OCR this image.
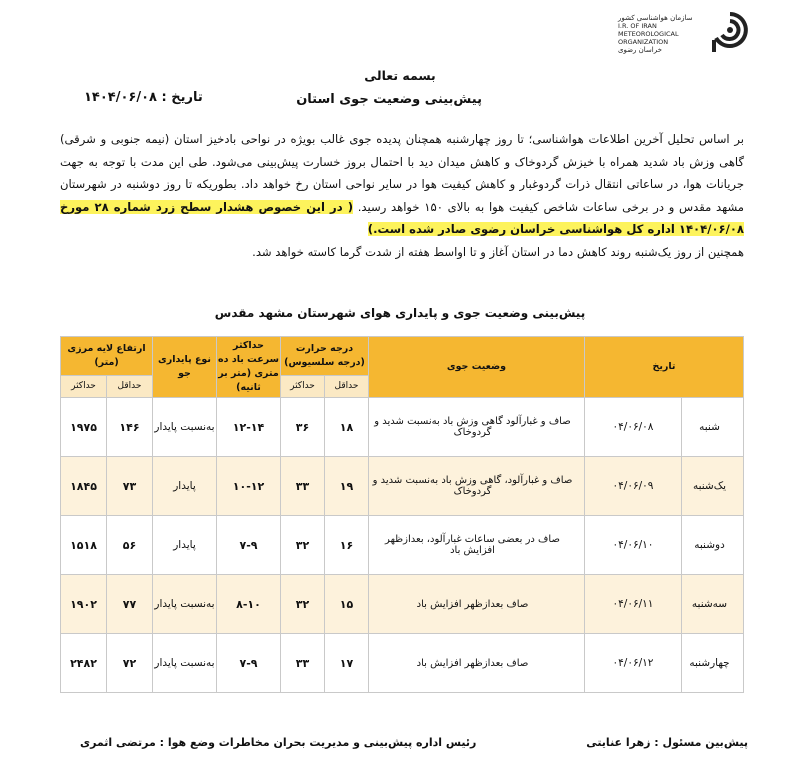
سازمان هواشناسی کشور
I.R. OF IRAN
METEOROLOGICAL
ORGANIZATION
خراسان رضوی
بسمه تعالی
پیش‌بینی وضعیت جوی استان
تاریخ : ۱۴۰۴/۰۶/۰۸

بر اساس تحلیل آخرین اطلاعات هواشناسی؛ تا روز چهارشنبه همچنان پدیده جوی غالب بویژه در نواحی بادخیز استان (نیمه جنوبی و شرقی) گاهی وزش باد شدید همراه با خیزش گردوخاک و کاهش میدان دید با احتمال بروز خسارت پیش‌بینی می‌شود. طی این مدت با توجه به جهت جریانات هوا، در ساعاتی انتقال ذرات گردوغبار و کاهش کیفیت هوا در سایر نواحی استان رخ خواهد داد. بطوریکه تا روز دوشنبه در شهرستان مشهد مقدس و در برخی ساعات شاخص کیفیت هوا به بالای ۱۵۰ خواهد رسید. ( در این خصوص هشدار سطح زرد شماره ۲۸ مورخ ۱۴۰۴/۰۶/۰۸ اداره کل هواشناسی خراسان رضوی صادر شده است.)

همچنین از روز یک‌شنبه روند کاهش دما در استان آغاز و تا اواسط هفته از شدت گرما کاسته خواهد شد.

پیش‌بینی وضعیت جوی و پایداری هوای شهرستان مشهد مقدس
تاریخ		وضعیت جوی	درجه حرارت (درجه سلسیوس)		حداکثر سرعت باد ده متری (متر بر ثانیه)	نوع پایداری جو	ارتفاع لایه مرزی (متر)	
			حداقل	حداکثر			حداقل	حداکثر
شنبه	۰۴/۰۶/۰۸	صاف و غبارآلود گاهی وزش باد به‌نسبت شدید و گردوخاک	۱۸	۳۶	۱۲-۱۴	به‌نسبت پایدار	۱۴۶	۱۹۷۵
یک‌شنبه	۰۴/۰۶/۰۹	صاف و غبارآلود، گاهی وزش باد به‌نسبت شدید و گردوخاک	۱۹	۳۳	۱۰-۱۲	پایدار	۷۳	۱۸۴۵
دوشنبه	۰۴/۰۶/۱۰	صاف در بعضی ساعات غبارآلود، بعدازظهر افزایش باد	۱۶	۳۲	۷-۹	پایدار	۵۶	۱۵۱۸
سه‌شنبه	۰۴/۰۶/۱۱	صاف بعدازظهر افزایش باد	۱۵	۳۲	۸-۱۰	به‌نسبت پایدار	۷۷	۱۹۰۲
چهارشنبه	۰۴/۰۶/۱۲	صاف بعدازظهر افزایش باد	۱۷	۳۳	۷-۹	به‌نسبت پایدار	۷۲	۲۴۸۲
پیش‌بین مسئول : زهرا عنایتی
رئیس اداره پیش‌بینی و مدیریت بحران مخاطرات وضع هوا : مرتضی اثمری
